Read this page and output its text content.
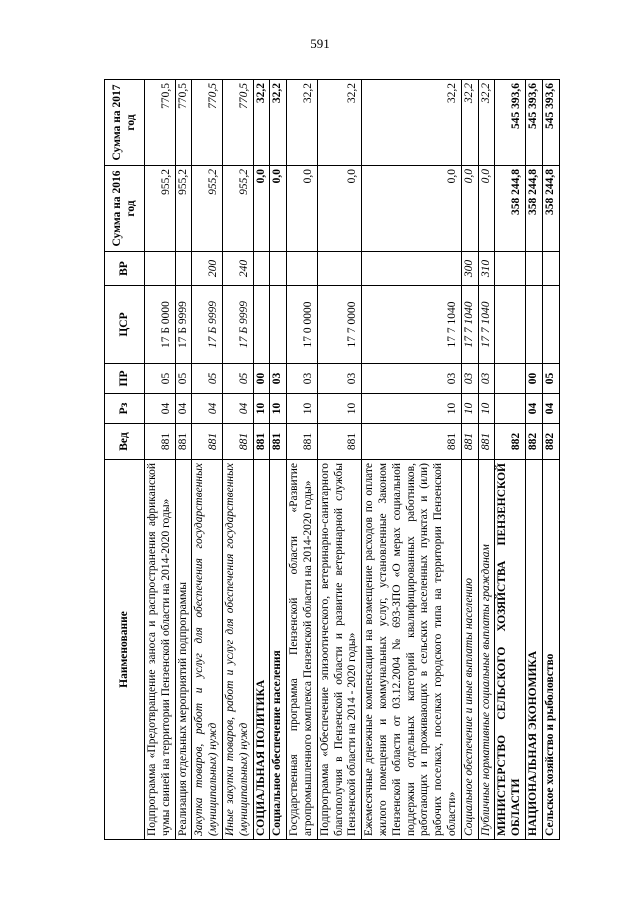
591
Наименование	Вед	Рз	ПР	ЦСР	ВР	Сумма на 2016 год	Сумма на 2017 год
Подпрограмма «Предотвращение заноса и распространения африканской чумы свиней на территории Пензенской области на 2014-2020 годы»	881	04	05	17 Б 0000		955,2	770,5
Реализация отдельных мероприятий подпрограммы	881	04	05	17 Б 9999		955,2	770,5
Закупка товаров, работ и услуг для обеспечения государственных (муниципальных) нужд	881	04	05	17 Б 9999	200	955,2	770,5
Иные закупки товаров, работ и услуг для обеспечения государственных (муниципальных) нужд	881	04	05	17 Б 9999	240	955,2	770,5
СОЦИАЛЬНАЯ ПОЛИТИКА	881	10	00			0,0	32,2
Социальное обеспечение населения	881	10	03			0,0	32,2
Государственная программа Пензенской области «Развитие агропромышленного комплекса Пензенской области на 2014-2020 годы»	881	10	03	17 0 0000		0,0	32,2
Подпрограмма «Обеспечение эпизоотического, ветеринарно-санитарного благополучия в Пензенской области и развитие ветеринарной службы Пензенской области на 2014 - 2020 годы»	881	10	03	17 7 0000		0,0	32,2
Ежемесячные денежные компенсации на возмещение расходов по оплате жилого помещения и коммунальных услуг, установленные Законом Пензенской области от 03.12.2004 № 693-ЗПО «О мерах социальной поддержки отдельных категорий квалифицированных работников, работающих и проживающих в сельских населенных пунктах и (или) рабочих поселках, поселках городского типа на территории Пензенской области»	881	10	03	17 7 1040		0,0	32,2
Социальное обеспечение и иные выплаты населению	881	10	03	17 7 1040	300	0,0	32,2
Публичные нормативные социальные выплаты гражданам	881	10	03	17 7 1040	310	0,0	32,2
МИНИСТЕРСТВО СЕЛЬСКОГО ХОЗЯЙСТВА ПЕНЗЕНСКОЙ ОБЛАСТИ	882					358 244,8	545 393,6
НАЦИОНАЛЬНАЯ ЭКОНОМИКА	882	04	00			358 244,8	545 393,6
Сельское хозяйство и рыболовство	882	04	05			358 244,8	545 393,6
